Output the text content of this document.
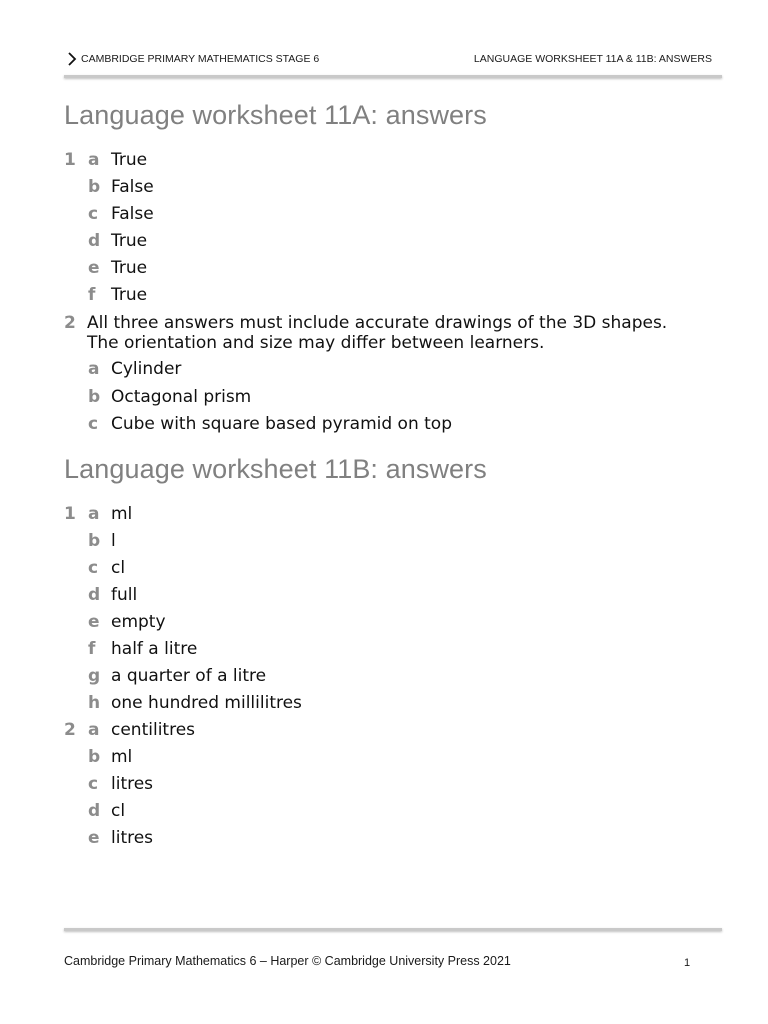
CAMBRIDGE PRIMARY MATHEMATICS STAGE 6	LANGUAGE WORKSHEET 11A & 11B: ANSWERS
Language worksheet 11A: answers
1 a True
b False
c False
d True
e True
f True
2 All three answers must include accurate drawings of the 3D shapes.
The orientation and size may differ between learners.
a Cylinder
b Octagonal prism
c Cube with square based pyramid on top
Language worksheet 11B: answers
1 a ml
b l
c cl
d full
e empty
f half a litre
g a quarter of a litre
h one hundred millilitres
2 a centilitres
b ml
c litres
d cl
e litres
Cambridge Primary Mathematics 6 – Harper © Cambridge University Press 2021	1
